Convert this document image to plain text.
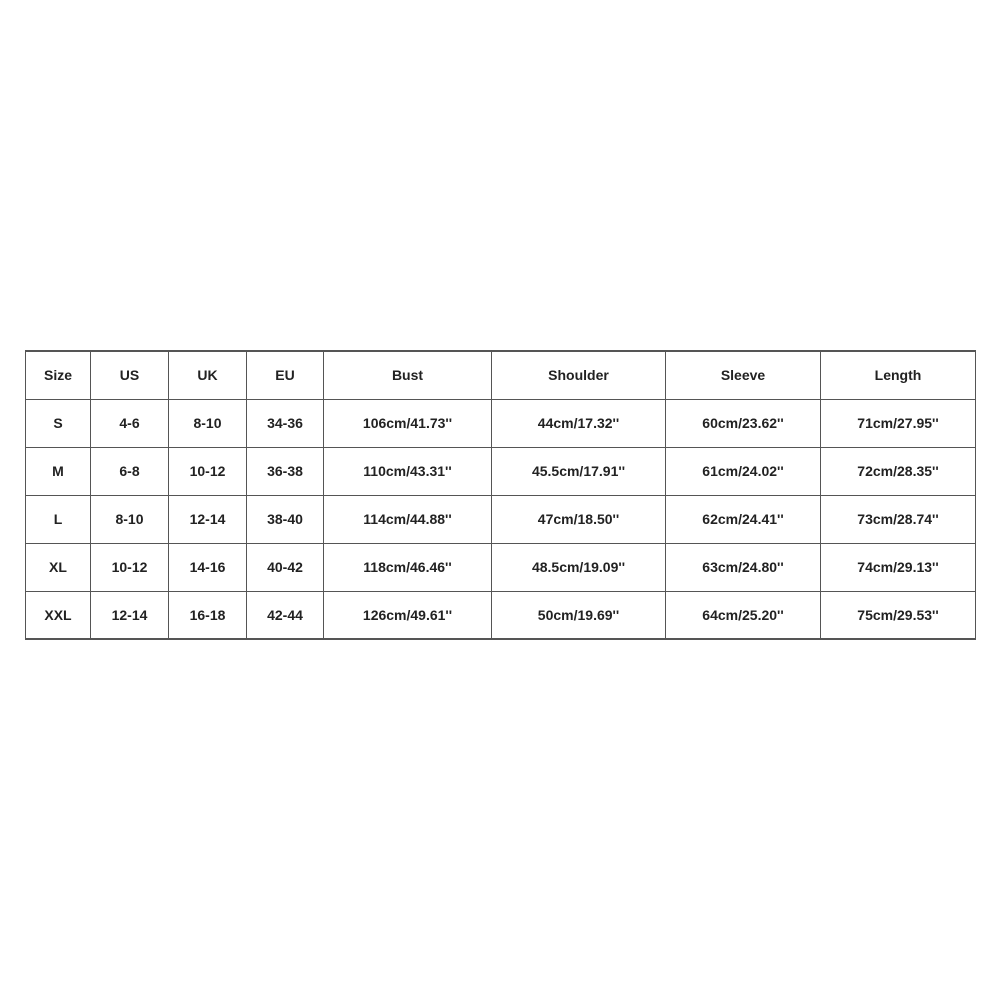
Size	US	UK	EU	Bust	Shoulder	Sleeve	Length
S	4-6	8-10	34-36	106cm/41.73''	44cm/17.32''	60cm/23.62''	71cm/27.95''
M	6-8	10-12	36-38	110cm/43.31''	45.5cm/17.91''	61cm/24.02''	72cm/28.35''
L	8-10	12-14	38-40	114cm/44.88''	47cm/18.50''	62cm/24.41''	73cm/28.74''
XL	10-12	14-16	40-42	118cm/46.46''	48.5cm/19.09''	63cm/24.80''	74cm/29.13''
XXL	12-14	16-18	42-44	126cm/49.61''	50cm/19.69''	64cm/25.20''	75cm/29.53''
